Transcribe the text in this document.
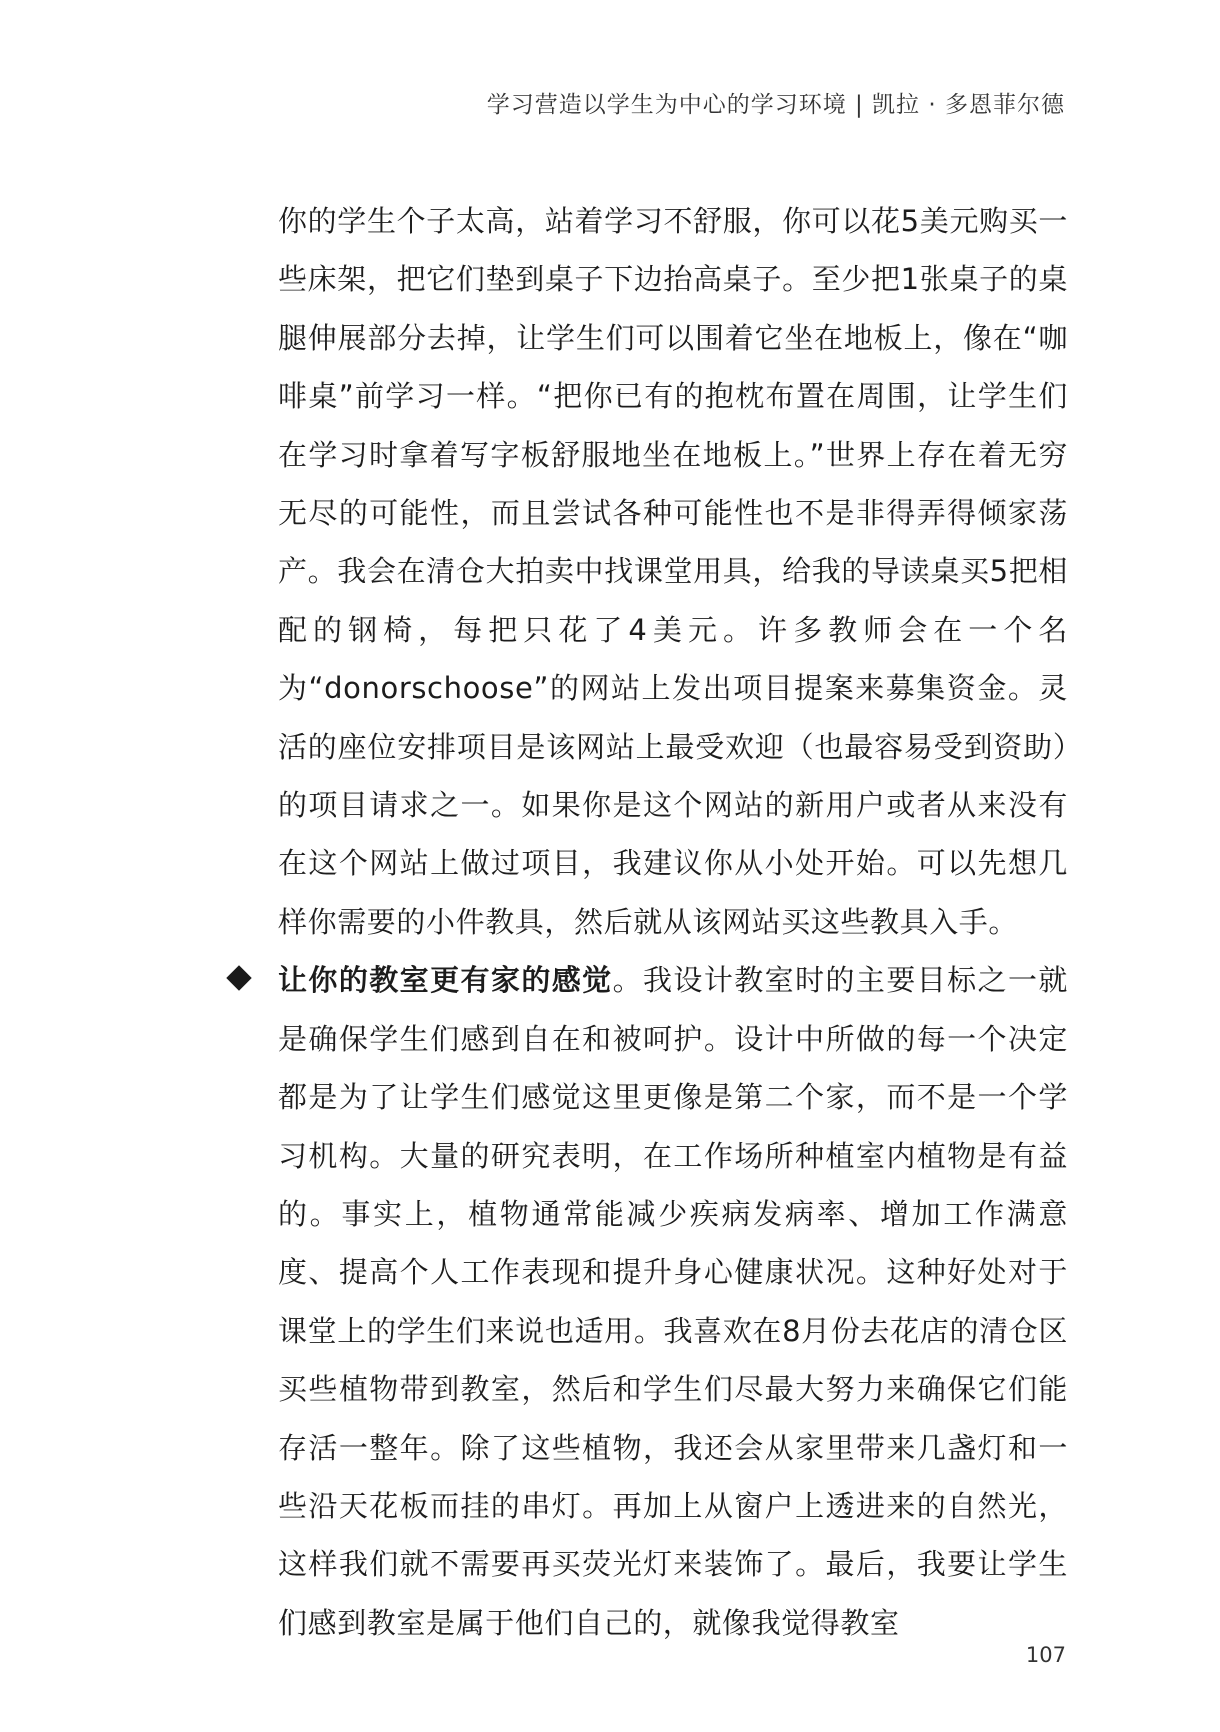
学习营造以学生为中心的学习环境 | 凯拉 · 多恩菲尔德

你的学生个子太高，站着学习不舒服，你可以花5美元购买一些床架，把它们垫到桌子下边抬高桌子。至少把1张桌子的桌腿伸展部分去掉，让学生们可以围着它坐在地板上，像在“咖啡桌”前学习一样。“把你已有的抱枕布置在周围，让学生们在学习时拿着写字板舒服地坐在地板上。”世界上存在着无穷无尽的可能性，而且尝试各种可能性也不是非得弄得倾家荡产。我会在清仓大拍卖中找课堂用具，给我的导读桌买5把相配的钢椅，每把只花了4美元。许多教师会在一个名为“donorschoose”的网站上发出项目提案来募集资金。灵活的座位安排项目是该网站上最受欢迎（也最容易受到资助）的项目请求之一。如果你是这个网站的新用户或者从来没有在这个网站上做过项目，我建议你从小处开始。可以先想几样你需要的小件教具，然后就从该网站买这些教具入手。

让你的教室更有家的感觉。我设计教室时的主要目标之一就是确保学生们感到自在和被呵护。设计中所做的每一个决定都是为了让学生们感觉这里更像是第二个家，而不是一个学习机构。大量的研究表明，在工作场所种植室内植物是有益的。事实上，植物通常能减少疾病发病率、增加工作满意度、提高个人工作表现和提升身心健康状况。这种好处对于课堂上的学生们来说也适用。我喜欢在8月份去花店的清仓区买些植物带到教室，然后和学生们尽最大努力来确保它们能存活一整年。除了这些植物，我还会从家里带来几盏灯和一些沿天花板而挂的串灯。再加上从窗户上透进来的自然光，这样我们就不需要再买荧光灯来装饰了。最后，我要让学生们感到教室是属于他们自己的，就像我觉得教室

107
